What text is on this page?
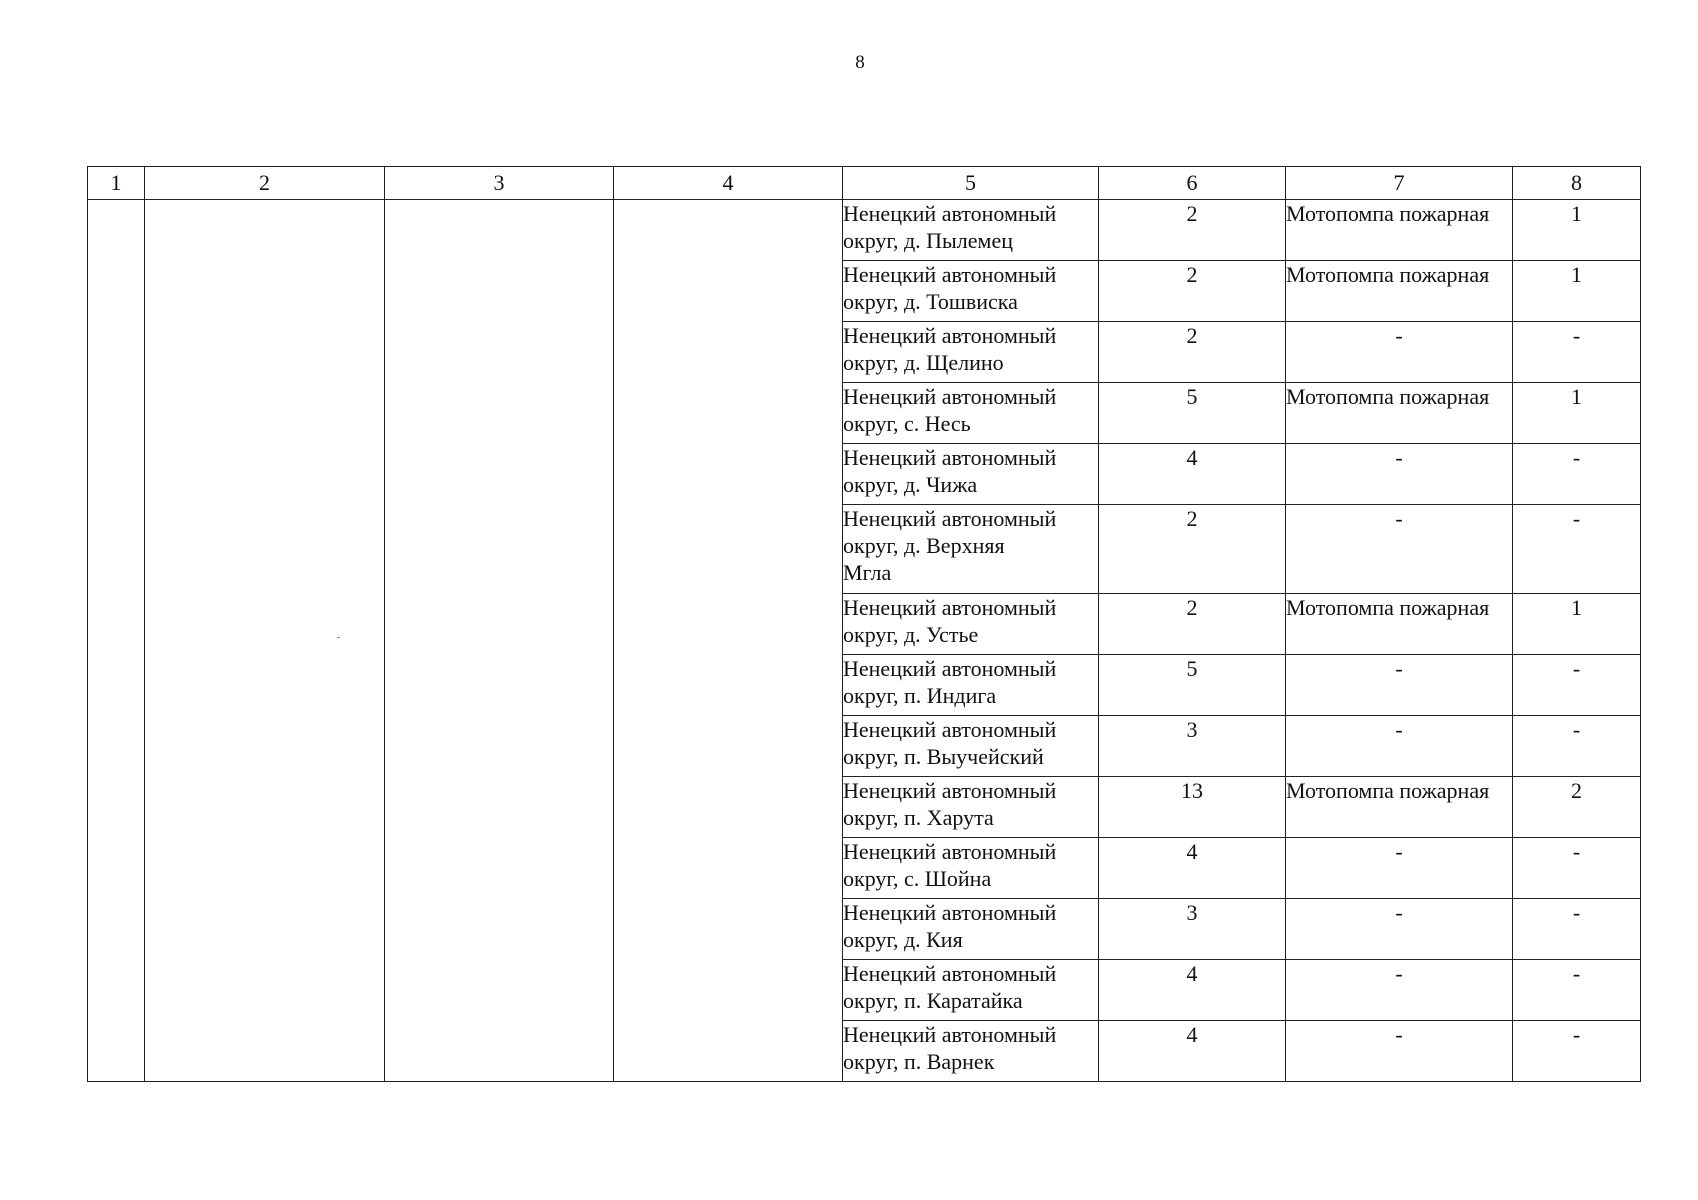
8
1	2	3	4	5	6	7	8
				Ненецкий автономный округ, д. Пылемец	2	Мотопомпа пожарная	1
				Ненецкий автономный округ, д. Тошвиска	2	Мотопомпа пожарная	1
				Ненецкий автономный округ, д. Щелино	2	-	-
				Ненецкий автономный округ, с. Несь	5	Мотопомпа пожарная	1
				Ненецкий автономный округ, д. Чижа	4	-	-
				Ненецкий автономный округ, д. Верхняя Мгла	2	-	-
				Ненецкий автономный округ, д. Устье	2	Мотопомпа пожарная	1
				Ненецкий автономный округ, п. Индига	5	-	-
				Ненецкий автономный округ, п. Выучейский	3	-	-
				Ненецкий автономный округ, п. Харута	13	Мотопомпа пожарная	2
				Ненецкий автономный округ, с. Шойна	4	-	-
				Ненецкий автономный округ, д. Кия	3	-	-
				Ненецкий автономный округ, п. Каратайка	4	-	-
				Ненецкий автономный округ, п. Варнек	4	-	-
